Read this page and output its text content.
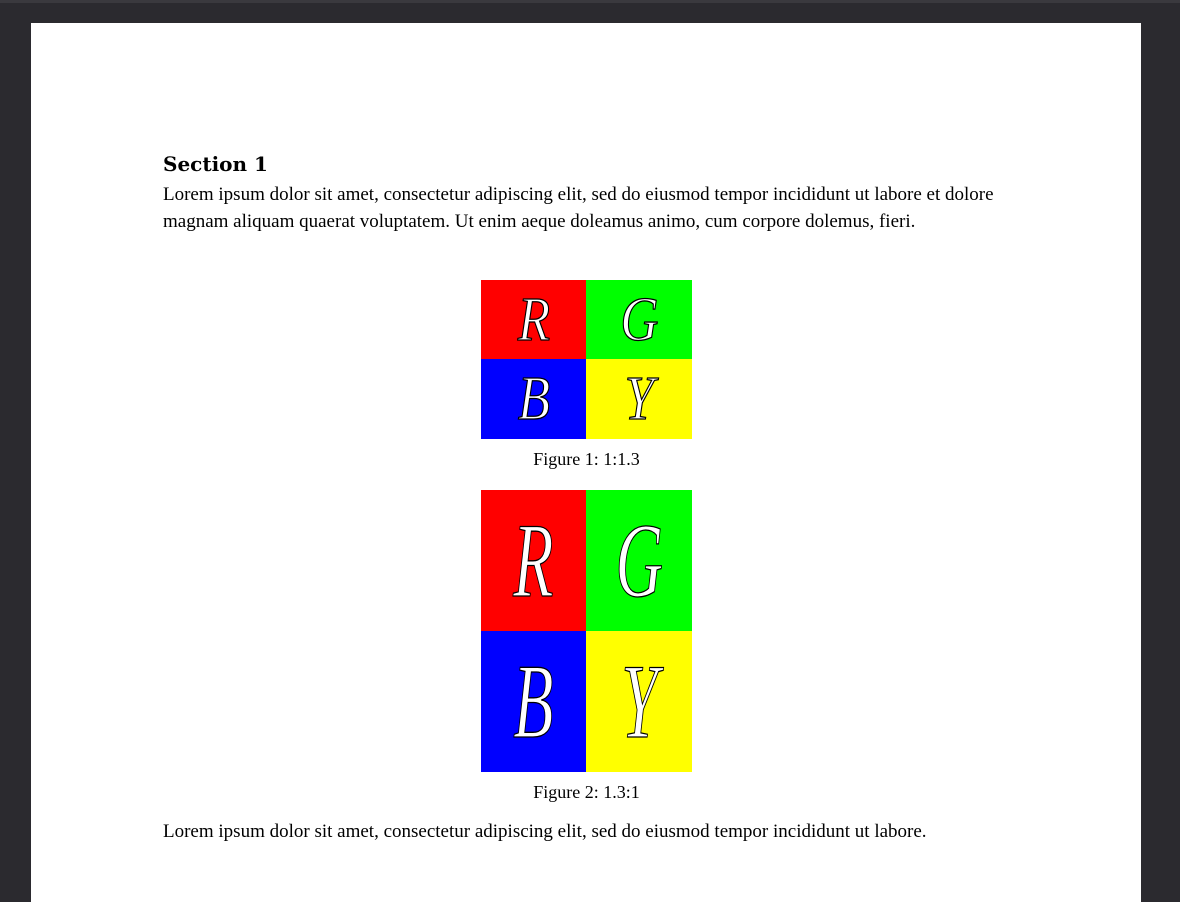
Section 1

Lorem ipsum dolor sit amet, consectetur adipiscing elit, sed do eiusmod tempor incididunt ut labore et dolore magnam aliquam quaerat voluptatem. Ut enim aeque doleamus animo, cum corpore dolemus, fieri.

R G
B Y
Figure 1: 1:1.3
R G
B Y
Figure 2: 1.3:1

Lorem ipsum dolor sit amet, consectetur adipiscing elit, sed do eiusmod tempor incididunt ut labore.
